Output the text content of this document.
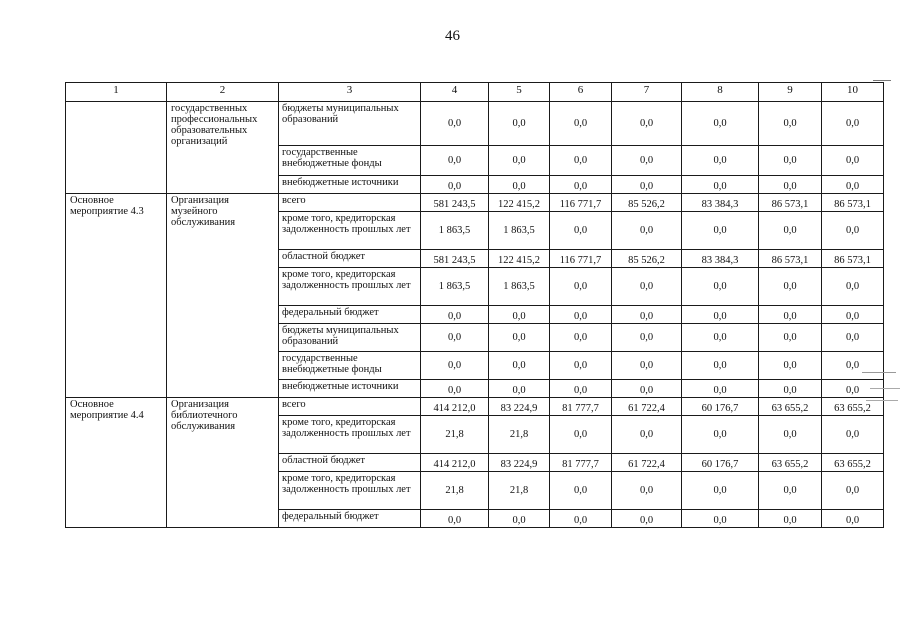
46
1	2	3	4	5	6	7	8	9	10
	государственных профессиональных образовательных организаций	бюджеты муниципальных образований	0,0	0,0	0,0	0,0	0,0	0,0	0,0
		государственные внебюджетные фонды	0,0	0,0	0,0	0,0	0,0	0,0	0,0
		внебюджетные источники	0,0	0,0	0,0	0,0	0,0	0,0	0,0
Основное мероприятие 4.3	Организация музейного обслуживания	всего	581 243,5	122 415,2	116 771,7	85 526,2	83 384,3	86 573,1	86 573,1
		кроме того, кредиторская задолженность прошлых лет	1 863,5	1 863,5	0,0	0,0	0,0	0,0	0,0
		областной бюджет	581 243,5	122 415,2	116 771,7	85 526,2	83 384,3	86 573,1	86 573,1
		кроме того, кредиторская задолженность прошлых лет	1 863,5	1 863,5	0,0	0,0	0,0	0,0	0,0
		федеральный бюджет	0,0	0,0	0,0	0,0	0,0	0,0	0,0
		бюджеты муниципальных образований	0,0	0,0	0,0	0,0	0,0	0,0	0,0
		государственные внебюджетные фонды	0,0	0,0	0,0	0,0	0,0	0,0	0,0
		внебюджетные источники	0,0	0,0	0,0	0,0	0,0	0,0	0,0
Основное мероприятие 4.4	Организация библиотечного обслуживания	всего	414 212,0	83 224,9	81 777,7	61 722,4	60 176,7	63 655,2	63 655,2
		кроме того, кредиторская задолженность прошлых лет	21,8	21,8	0,0	0,0	0,0	0,0	0,0
		областной бюджет	414 212,0	83 224,9	81 777,7	61 722,4	60 176,7	63 655,2	63 655,2
		кроме того, кредиторская задолженность прошлых лет	21,8	21,8	0,0	0,0	0,0	0,0	0,0
		федеральный бюджет	0,0	0,0	0,0	0,0	0,0	0,0	0,0
